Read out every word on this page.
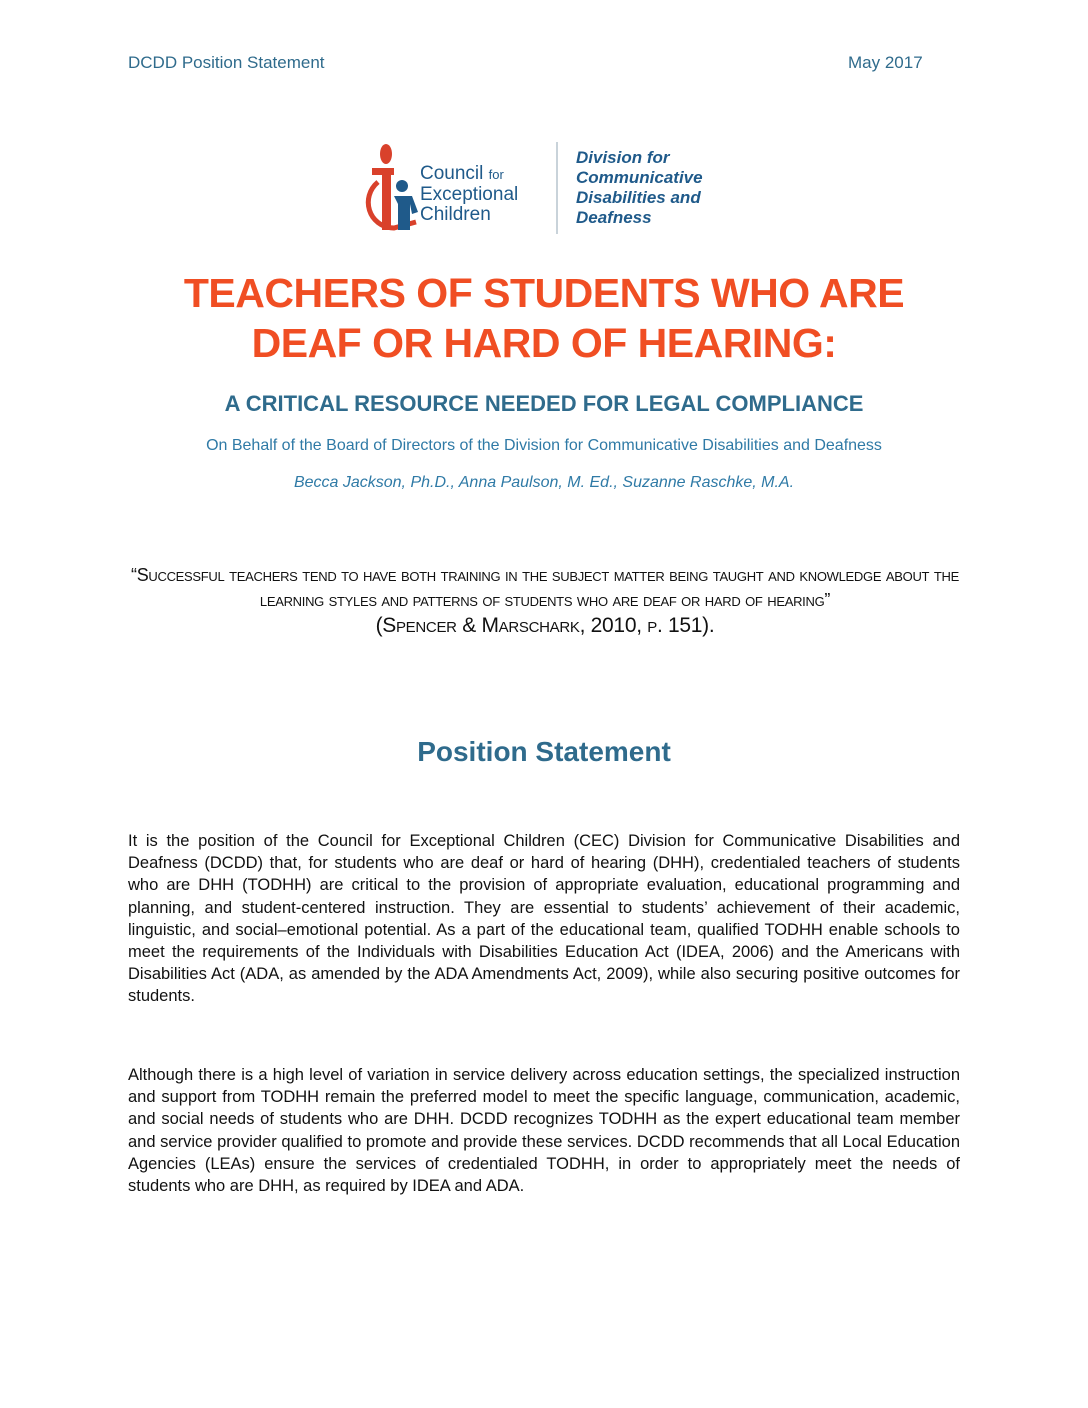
DCDD Position Statement	May 2017
Council for
Exceptional
Children
Division for
Communicative
Disabilities and
Deafness
TEACHERS OF STUDENTS WHO ARE
DEAF OR HARD OF HEARING:
A CRITICAL RESOURCE NEEDED FOR LEGAL COMPLIANCE
On Behalf of the Board of Directors of the Division for Communicative Disabilities and Deafness
Becca Jackson, Ph.D., Anna Paulson, M. Ed., Suzanne Raschke, M.A.
“Successful teachers tend to have both training in the subject matter being taught and knowledge about the learning styles and patterns of students who are deaf or hard of hearing”
(Spencer & Marschark, 2010, p. 151).
Position Statement
It is the position of the Council for Exceptional Children (CEC) Division for Communicative Disabilities and Deafness (DCDD) that, for students who are deaf or hard of hearing (DHH), credentialed teachers of students who are DHH (TODHH) are critical to the provision of appropriate evaluation, educational programming and planning, and student-centered instruction. They are essential to students’ achievement of their academic, linguistic, and social–emotional potential. As a part of the educational team, qualified TODHH enable schools to meet the requirements of the Individuals with Disabilities Education Act (IDEA, 2006) and the Americans with Disabilities Act (ADA, as amended by the ADA Amendments Act, 2009), while also securing positive outcomes for students.
Although there is a high level of variation in service delivery across education settings, the specialized instruction and support from TODHH remain the preferred model to meet the specific language, communication, academic, and social needs of students who are DHH. DCDD recognizes TODHH as the expert educational team member and service provider qualified to promote and provide these services. DCDD recommends that all Local Education Agencies (LEAs) ensure the services of credentialed TODHH, in order to appropriately meet the needs of students who are DHH, as required by IDEA and ADA.
